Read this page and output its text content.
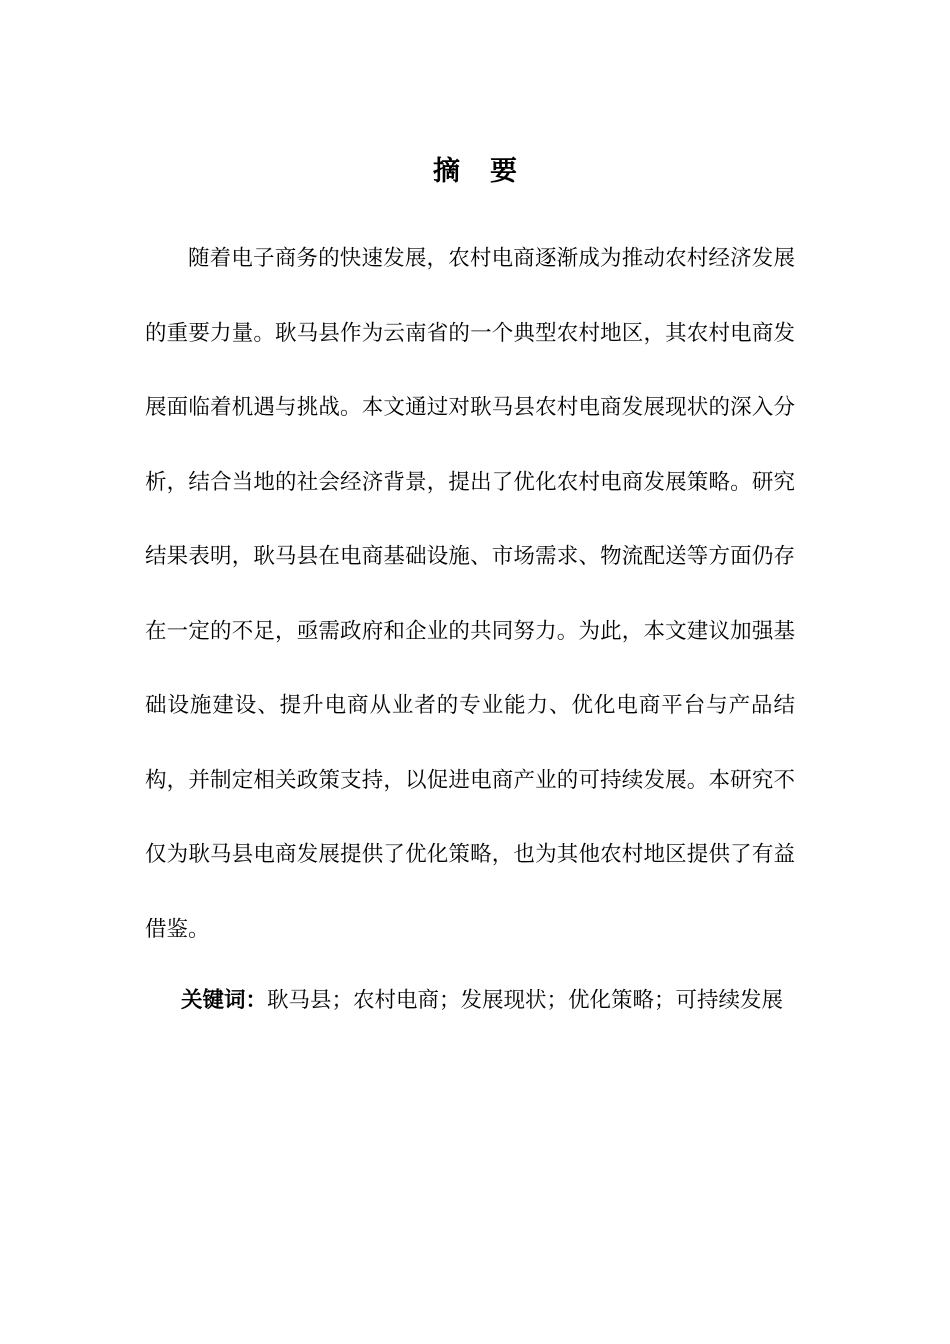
摘要

随着电子商务的快速发展，农村电商逐渐成为推动农村经济发展的重要力量。耿马县作为云南省的一个典型农村地区，其农村电商发展面临着机遇与挑战。本文通过对耿马县农村电商发展现状的深入分析，结合当地的社会经济背景，提出了优化农村电商发展策略。研究结果表明，耿马县在电商基础设施、市场需求、物流配送等方面仍存在一定的不足，亟需政府和企业的共同努力。为此，本文建议加强基础设施建设、提升电商从业者的专业能力、优化电商平台与产品结构，并制定相关政策支持，以促进电商产业的可持续发展。本研究不仅为耿马县电商发展提供了优化策略，也为其他农村地区提供了有益借鉴。

关键词：耿马县；农村电商；发展现状；优化策略；可持续发展
